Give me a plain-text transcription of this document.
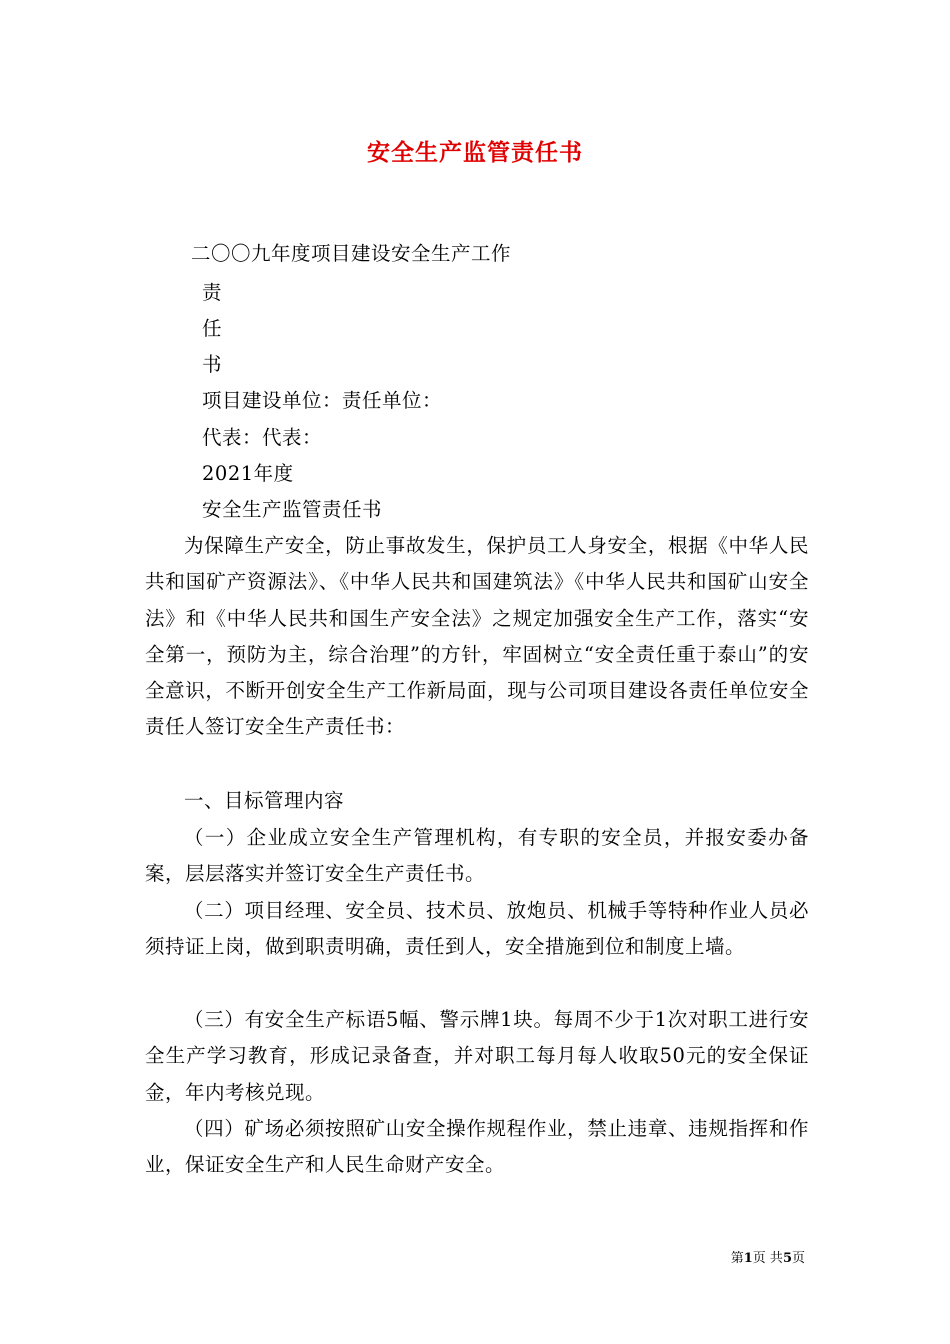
安全生产监管责任书
二〇〇九年度项目建设安全生产工作
责
任
书
项目建设单位：责任单位：
代表：代表：
2021年度
安全生产监管责任书
为保障生产安全，防止事故发生，保护员工人身安全，根据《中华人民共和国矿产资源法》、《中华人民共和国建筑法》《中华人民共和国矿山安全法》和《中华人民共和国生产安全法》之规定加强安全生产工作，落实“安全第一，预防为主，综合治理”的方针，牢固树立“安全责任重于泰山”的安全意识，不断开创安全生产工作新局面，现与公司项目建设各责任单位安全责任人签订安全生产责任书：
一、目标管理内容
（一）企业成立安全生产管理机构，有专职的安全员，并报安委办备案，层层落实并签订安全生产责任书。
（二）项目经理、安全员、技术员、放炮员、机械手等特种作业人员必须持证上岗，做到职责明确，责任到人，安全措施到位和制度上墙。
（三）有安全生产标语5幅、警示牌1块。每周不少于1次对职工进行安全生产学习教育，形成记录备查，并对职工每月每人收取50元的安全保证金，年内考核兑现。
（四）矿场必须按照矿山安全操作规程作业，禁止违章、违规指挥和作业，保证安全生产和人民生命财产安全。
第1页 共5页
